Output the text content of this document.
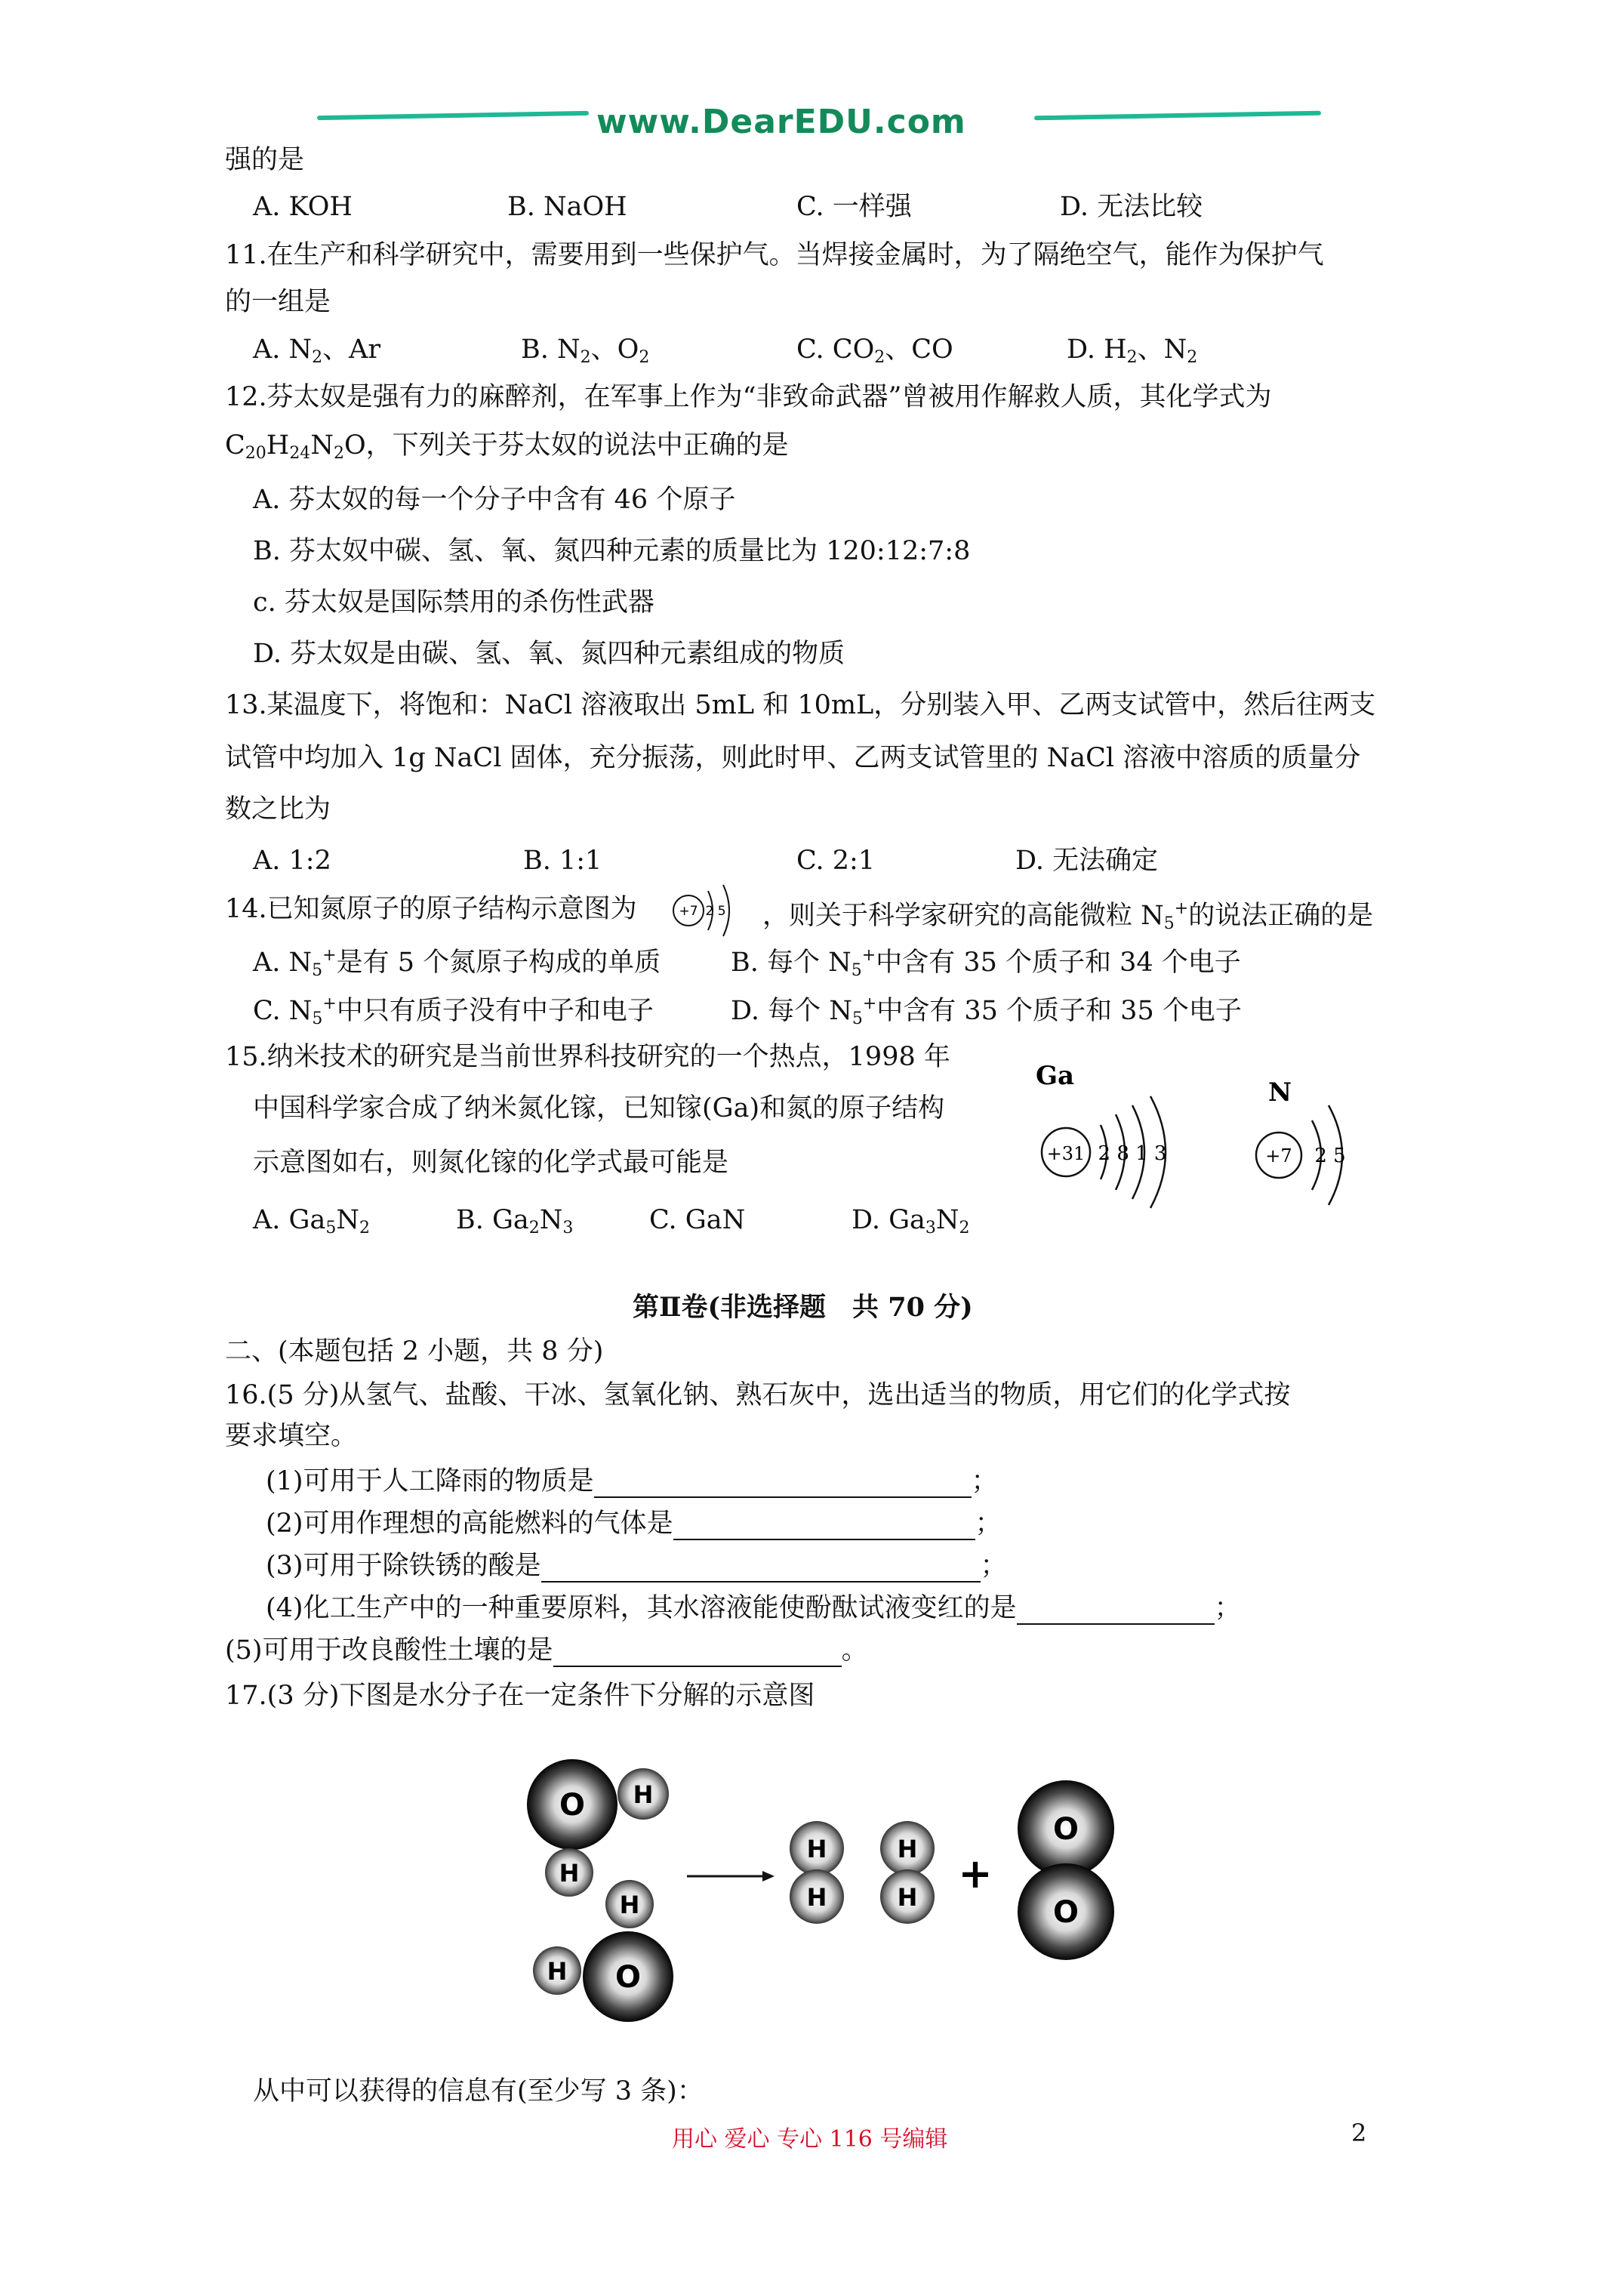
www.DearEDU.com
强的是
A. KOH	B. NaOH	C. 一样强	D. 无法比较
11.在生产和科学研究中，需要用到一些保护气。当焊接金属时，为了隔绝空气，能作为保护气
的一组是
A. $N_2$、Ar	B. $N_2$、$O_2$	C. $CO_2$、CO	D. $H_2$、$N_2$
12.芬太奴是强有力的麻醉剂，在军事上作为“非致命武器”曾被用作解救人质，其化学式为
$C_{20}H_{24}N_2O$，下列关于芬太奴的说法中正确的是
A. 芬太奴的每一个分子中含有 46 个原子
B. 芬太奴中碳、氢、氧、氮四种元素的质量比为 120:12:7:8
c. 芬太奴是国际禁用的杀伤性武器
D. 芬太奴是由碳、氢、氧、氮四种元素组成的物质
13.某温度下，将饱和：NaCl 溶液取出 5mL 和 10mL，分别装入甲、乙两支试管中，然后往两支
试管中均加入 1g NaCl 固体，充分振荡，则此时甲、乙两支试管里的 NaCl 溶液中溶质的质量分
数之比为
A. 1:2	B. 1:1	C. 2:1	D. 无法确定
14.已知氮原子的原子结构示意图为	+7 2 5 ，则关于科学家研究的高能微粒 $N_5^+$的说法正确的是
A. $N_5^+$是有 5 个氮原子构成的单质	B. 每个 $N_5^+$中含有 35 个质子和 34 个电子
C. $N_5^+$中只有质子没有中子和电子	D. 每个 $N_5^+$中含有 35 个质子和 35 个电子
15.纳米技术的研究是当前世界科技研究的一个热点，1998 年
中国科学家合成了纳米氮化镓，已知镓(Ga)和氮的原子结构
示意图如右，则氮化镓的化学式最可能是
A. $Ga_5N_2$	B. $Ga_2N_3$	C. GaN	D. $Ga_3N_2$
Ga
+31 2 8 1 3
N
+7 2 5
第Ⅱ卷(非选择题　共 70 分)
二、(本题包括 2 小题，共 8 分)
16.(5 分)从氢气、盐酸、干冰、氢氧化钠、熟石灰中，选出适当的物质，用它们的化学式按
要求填空。
(1)可用于人工降雨的物质是	；
(2)可用作理想的高能燃料的气体是	；
(3)可用于除铁锈的酸是	；
(4)化工生产中的一种重要原料，其水溶液能使酚酞试液变红的是	；
(5)可用于改良酸性土壤的是	。
17.(3 分)下图是水分子在一定条件下分解的示意图
O H
H
H
H O
H
H
H
H +
O
O
从中可以获得的信息有(至少写 3 条)：
用心 爱心 专心 116 号编辑	2
